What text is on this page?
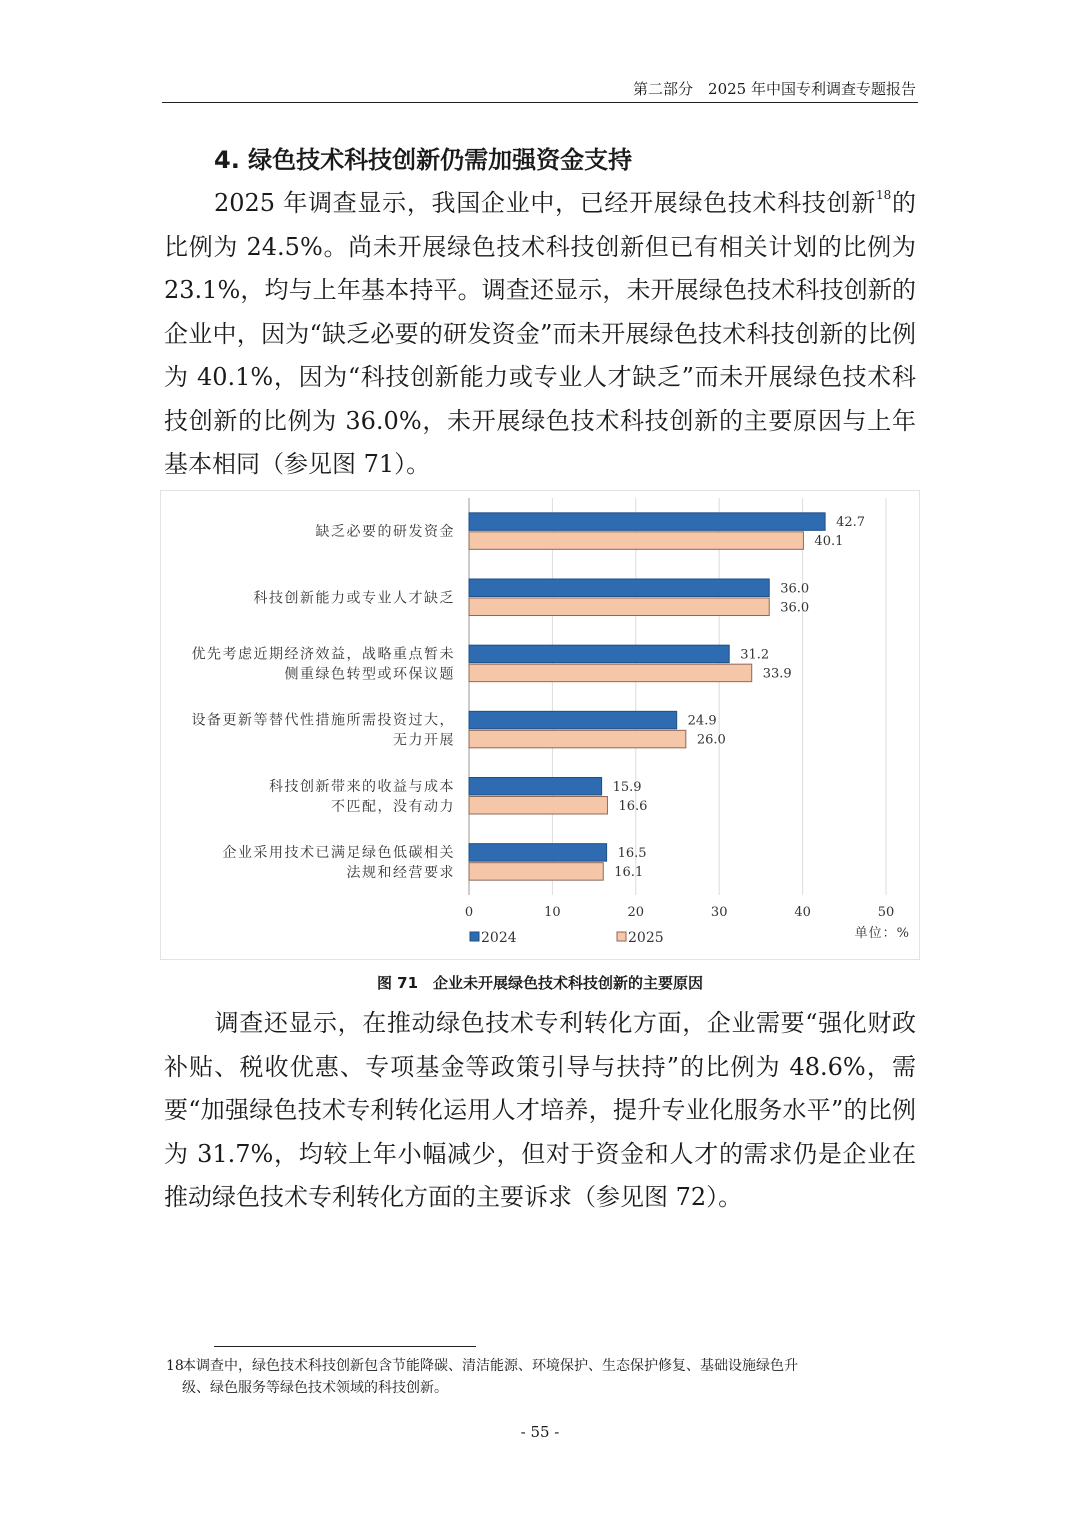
第二部分　2025 年中国专利调查专题报告
4. 绿色技术科技创新仍需加强资金支持

2025 年调查显示，我国企业中，已经开展绿色技术科技创新$^{18}$的比例为 24.5%。尚未开展绿色技术科技创新但已有相关计划的比例为 23.1%，均与上年基本持平。调查还显示，未开展绿色技术科技创新的企业中，因为“缺乏必要的研发资金”而未开展绿色技术科技创新的比例为 40.1%，因为“科技创新能力或专业人才缺乏”而未开展绿色技术科技创新的比例为 36.0%，未开展绿色技术科技创新的主要原因与上年基本相同（参见图 71）。

0	10	20	30	40	50
42.7
40.1
缺乏必要的研发资金
36.0
36.0
科技创新能力或专业人才缺乏
31.2
33.9
优先考虑近期经济效益，战略重点暂未
侧重绿色转型或环保议题
24.9
26.0
设备更新等替代性措施所需投资过大，
无力开展
15.9
16.6
科技创新带来的收益与成本
不匹配，没有动力
16.5
16.1
企业采用技术已满足绿色低碳相关
法规和经营要求
2024	2025	单位：%
图 71　企业未开展绿色技术科技创新的主要原因

调查还显示，在推动绿色技术专利转化方面，企业需要“强化财政补贴、税收优惠、专项基金等政策引导与扶持”的比例为 48.6%，需要“加强绿色技术专利转化运用人才培养，提升专业化服务水平”的比例为 31.7%，均较上年小幅减少，但对于资金和人才的需求仍是企业在推动绿色技术专利转化方面的主要诉求（参见图 72）。

18本调查中，绿色技术科技创新包含节能降碳、清洁能源、环境保护、生态保护修复、基础设施绿色升
级、绿色服务等绿色技术领域的科技创新。
- 55 -
